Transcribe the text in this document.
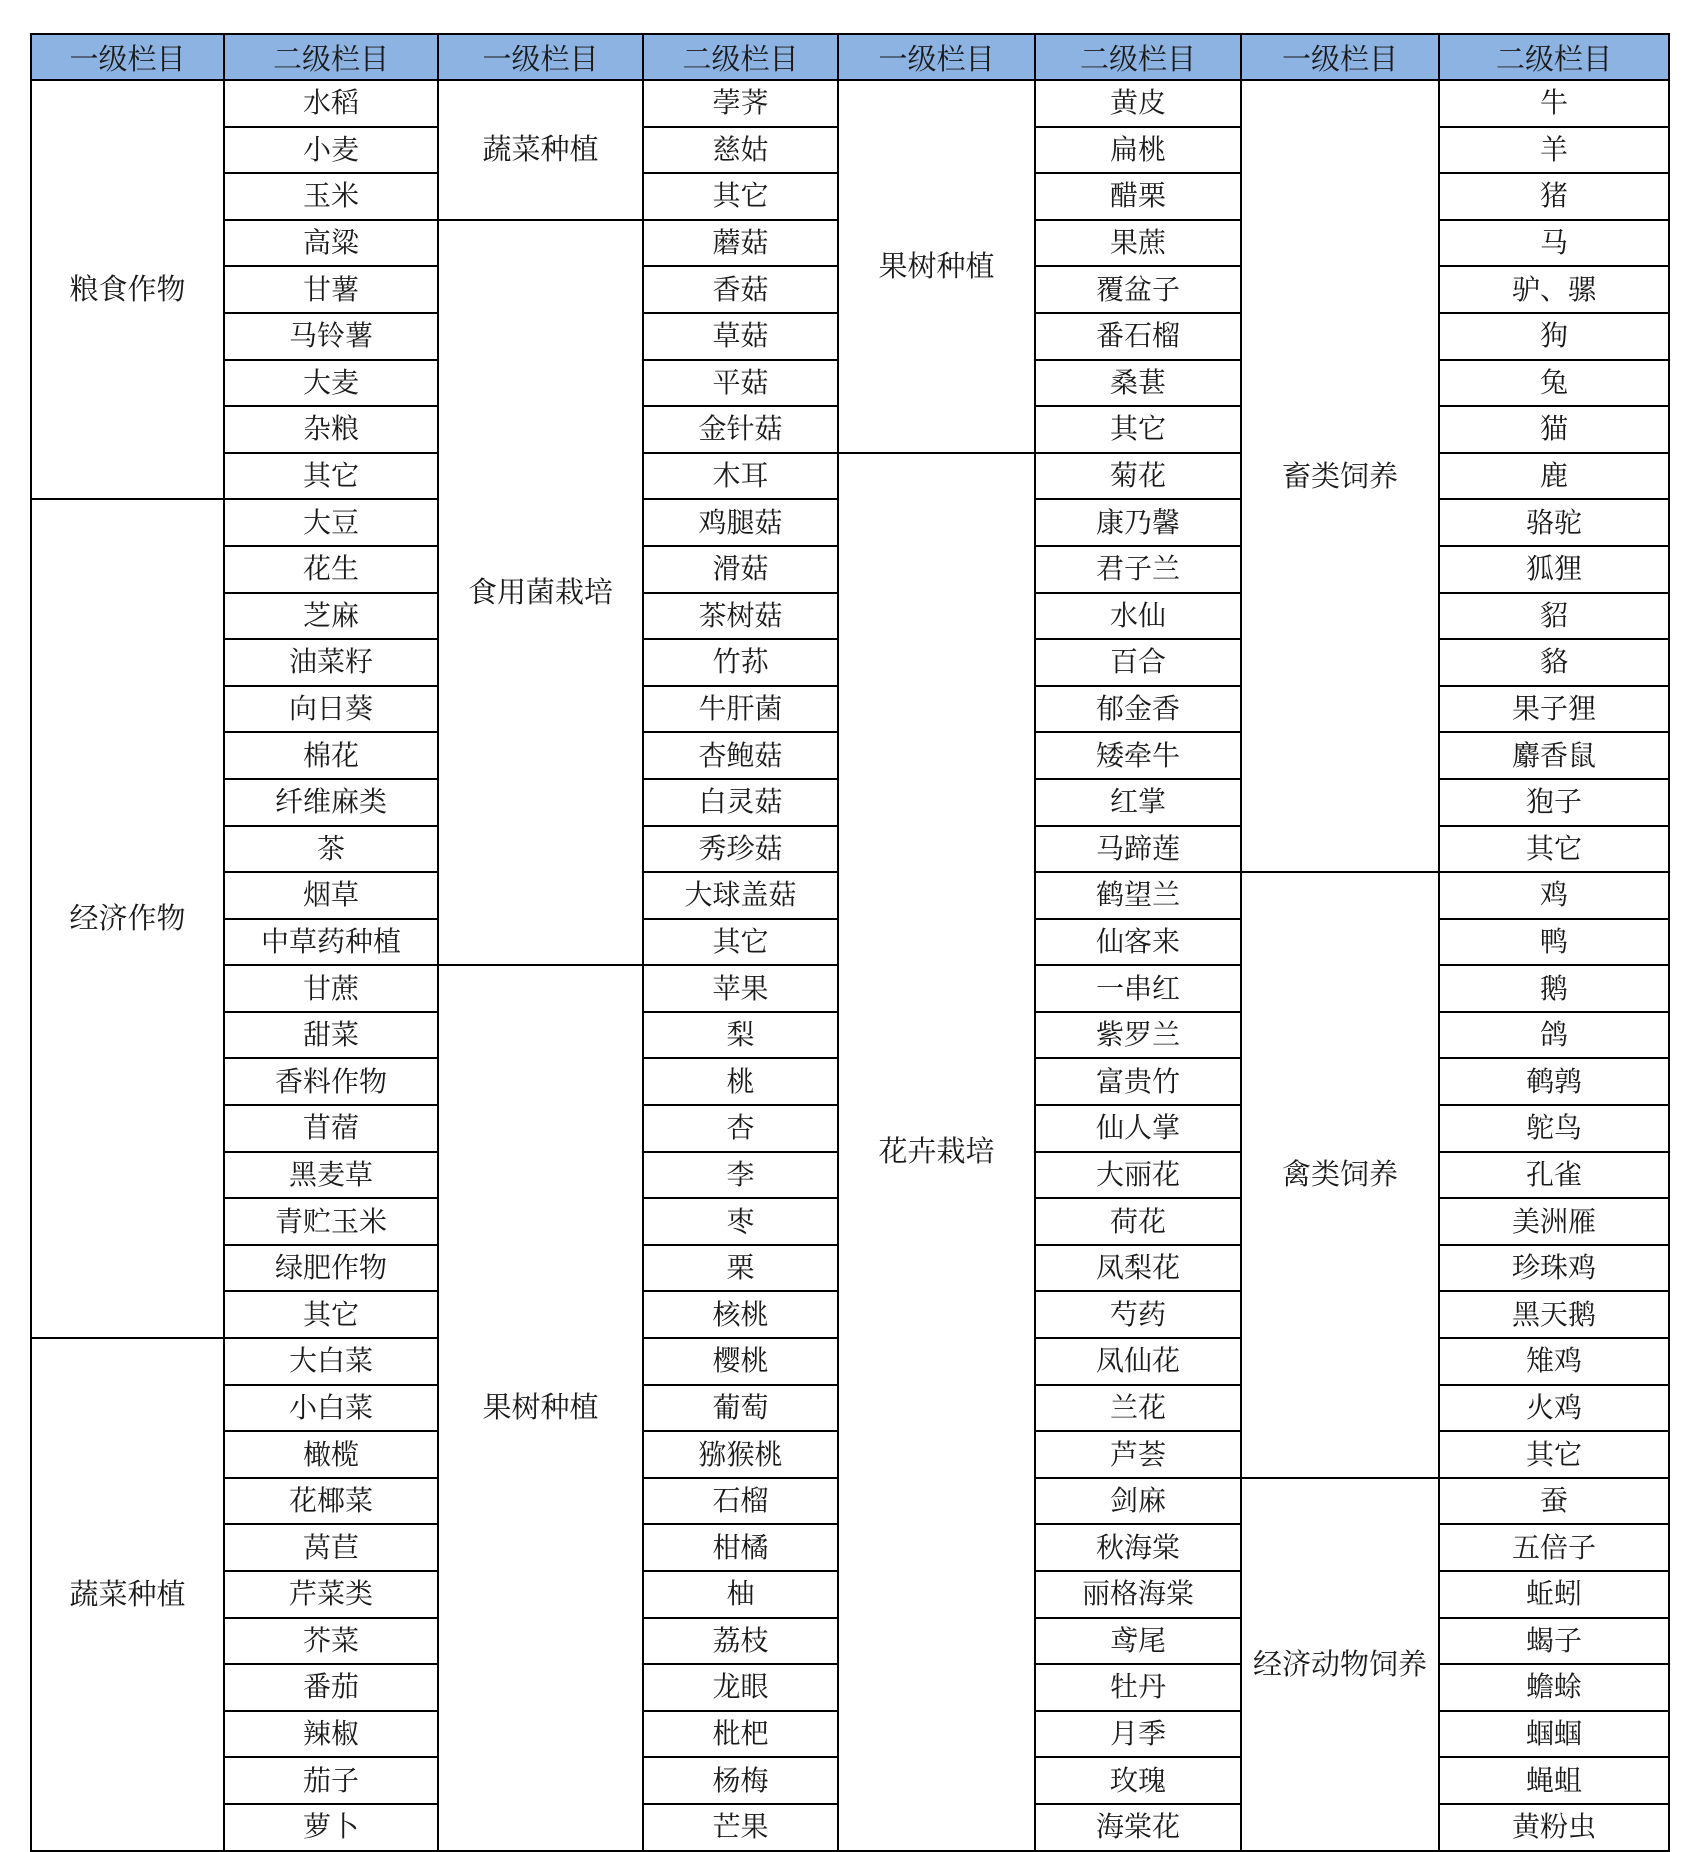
一级栏目	二级栏目	一级栏目	二级栏目	一级栏目	二级栏目	一级栏目	二级栏目
粮食作物	水稻	蔬菜种植	荸荠	果树种植	黄皮	畜类饲养	牛
	小麦		慈姑		扁桃		羊
	玉米		其它		醋栗		猪
	高粱	食用菌栽培	蘑菇		果蔗		马
	甘薯		香菇		覆盆子		驴、骡
	马铃薯		草菇		番石榴		狗
	大麦		平菇		桑葚		兔
	杂粮		金针菇		其它		猫
	其它		木耳	花卉栽培	菊花		鹿
经济作物	大豆		鸡腿菇		康乃馨		骆驼
	花生		滑菇		君子兰		狐狸
	芝麻		茶树菇		水仙		貂
	油菜籽		竹荪		百合		貉
	向日葵		牛肝菌		郁金香		果子狸
	棉花		杏鲍菇		矮牵牛		麝香鼠
	纤维麻类		白灵菇		红掌		狍子
	茶		秀珍菇		马蹄莲		其它
	烟草		大球盖菇		鹤望兰	禽类饲养	鸡
	中草药种植		其它		仙客来		鸭
	甘蔗	果树种植	苹果		一串红		鹅
	甜菜		梨		紫罗兰		鸽
	香料作物		桃		富贵竹		鹌鹑
	苜蓿		杏		仙人掌		鸵鸟
	黑麦草		李		大丽花		孔雀
	青贮玉米		枣		荷花		美洲雁
	绿肥作物		栗		凤梨花		珍珠鸡
	其它		核桃		芍药		黑天鹅
蔬菜种植	大白菜		樱桃		凤仙花		雉鸡
	小白菜		葡萄		兰花		火鸡
	橄榄		猕猴桃		芦荟		其它
	花椰菜		石榴		剑麻	经济动物饲养	蚕
	莴苣		柑橘		秋海棠		五倍子
	芹菜类		柚		丽格海棠		蚯蚓
	芥菜		荔枝		鸢尾		蝎子
	番茄		龙眼		牡丹		蟾蜍
	辣椒		枇杷		月季		蝈蝈
	茄子		杨梅		玫瑰		蝇蛆
	萝卜		芒果		海棠花		黄粉虫
